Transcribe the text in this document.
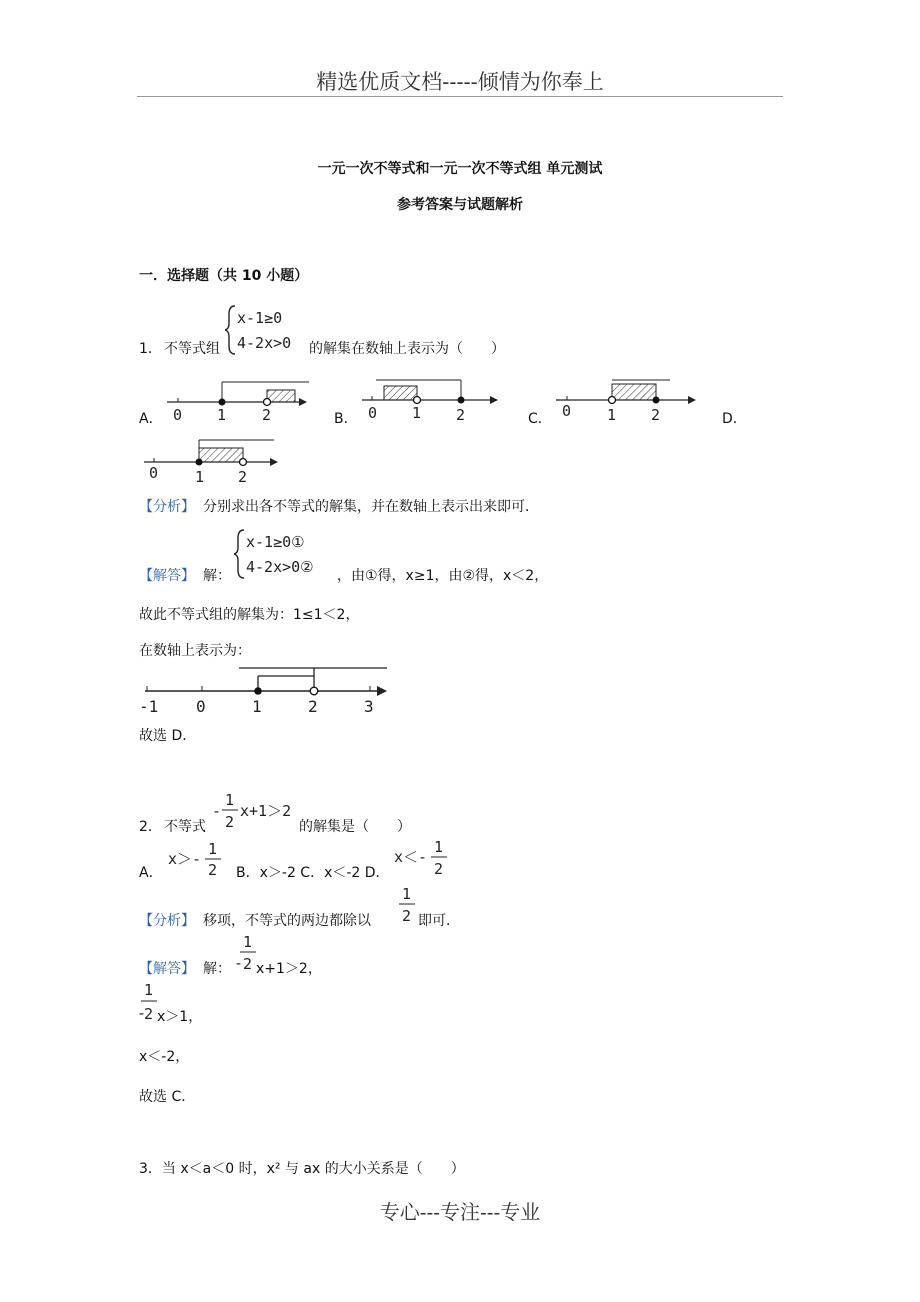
精选优质文档-----倾情为你奉上
一元一次不等式和一元一次不等式组 单元测试
参考答案与试题解析
一．选择题（共 10 小题）
1． 不等式组
x-1≥0
4-2x>0 的解集在数轴上表示为（　　）
A． 0 1 2	B． 0 1 2	C． 0 1 2	D．
0 1 2
【分析】 分别求出各不等式的解集，并在数轴上表示出来即可．
【解答】 解：
x-1≥0①
4-2x>0② ，由①得，x≥1，由②得，x＜2，
故此不等式组的解集为：1≤1＜2，
在数轴上表示为：
-1 0	1	2	3
故选 D．
2． 不等式
-
1
2
x+1＞2
的解集是（　　）
A．
x＞-
1
2 B．x＞-2 C．x＜-2 D．
x＜-
1
2
【分析】 移项，不等式的两边都除以
1
2 即可．
【解答】 解： -
1
2 x+1＞2，
-
1
2 x＞1，
x＜-2，
故选 C．
3．当 x＜a＜0 时，x² 与 ax 的大小关系是（　　）
专心---专注---专业
